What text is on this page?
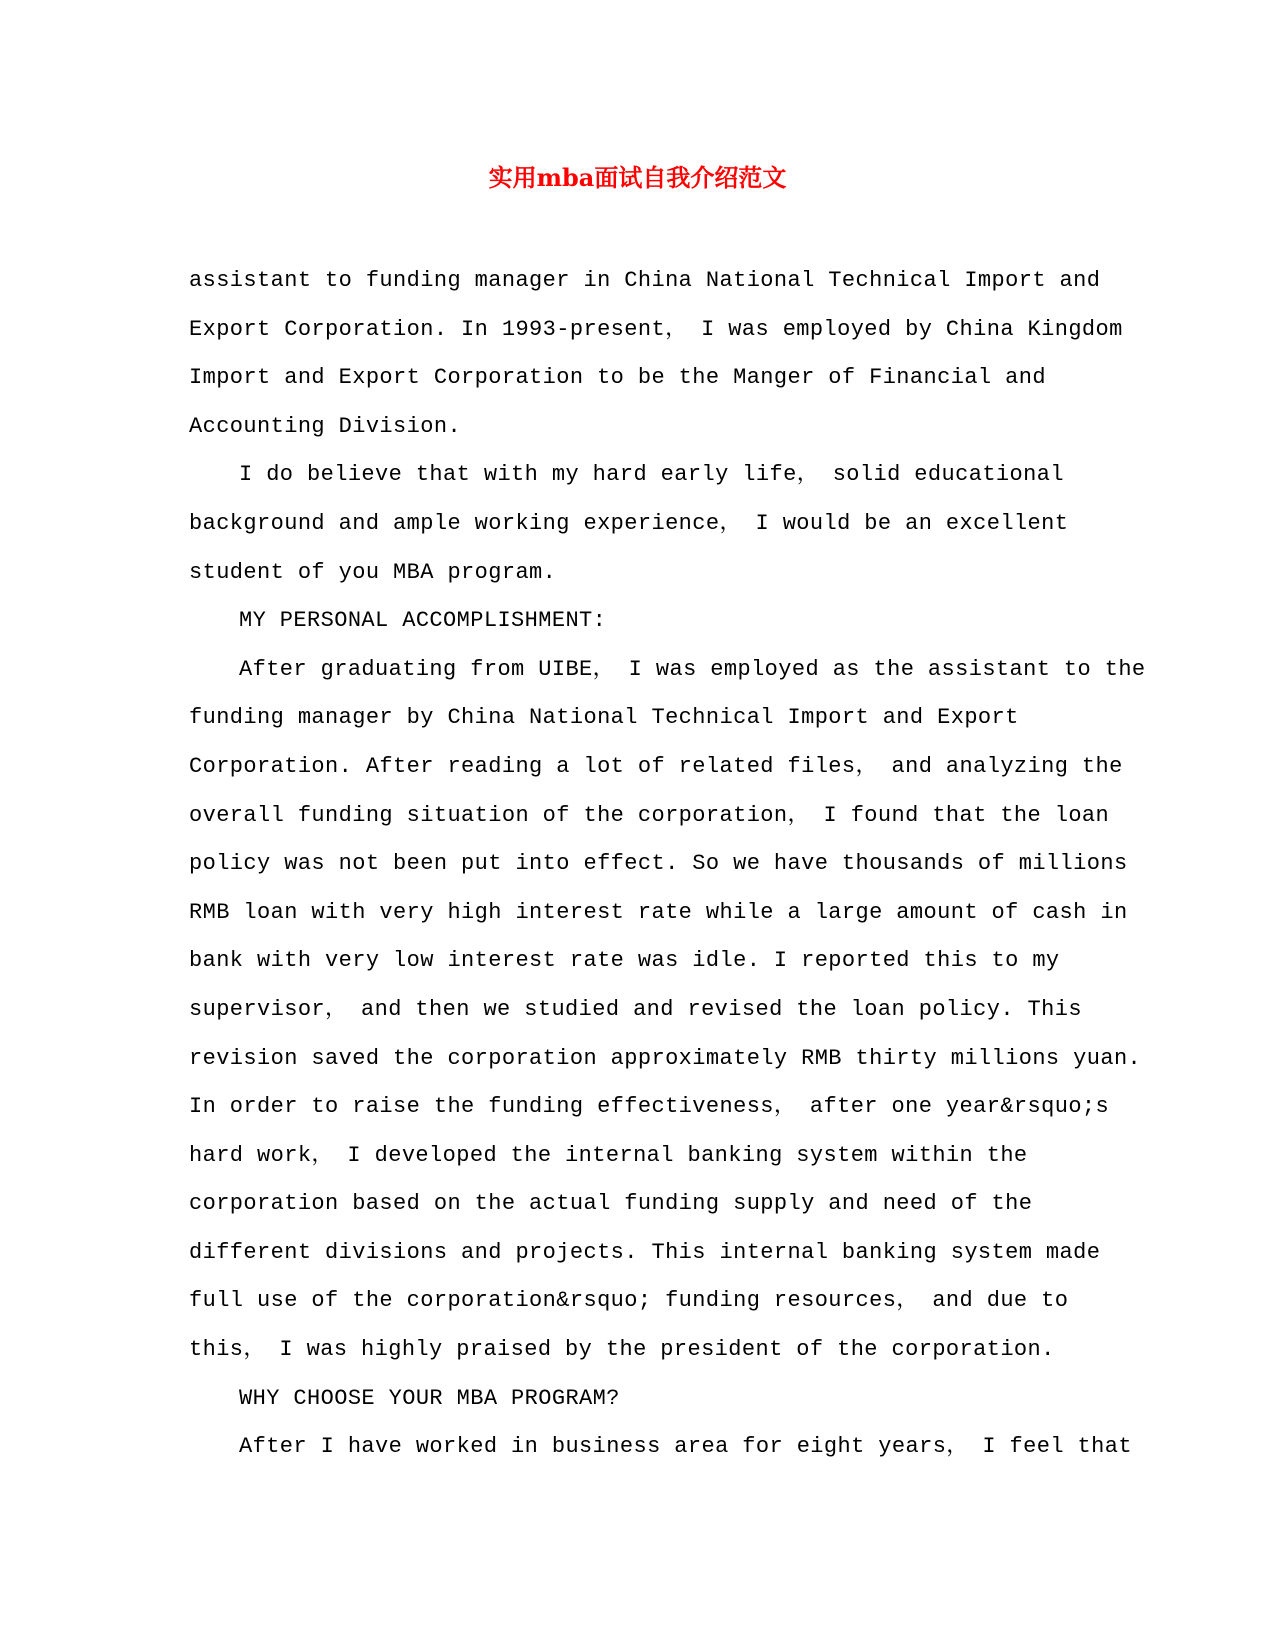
实用mba面试自我介绍范文
assistant to funding manager in China National Technical Import and
Export Corporation. In 1993-present， I was employed by China Kingdom
Import and Export Corporation to be the Manger of Financial and
Accounting Division.
I do believe that with my hard early life， solid educational
background and ample working experience， I would be an excellent
student of you MBA program.
MY PERSONAL ACCOMPLISHMENT:
After graduating from UIBE， I was employed as the assistant to the
funding manager by China National Technical Import and Export
Corporation. After reading a lot of related files， and analyzing the
overall funding situation of the corporation， I found that the loan
policy was not been put into effect. So we have thousands of millions
RMB loan with very high interest rate while a large amount of cash in
bank with very low interest rate was idle. I reported this to my
supervisor， and then we studied and revised the loan policy. This
revision saved the corporation approximately RMB thirty millions yuan.
In order to raise the funding effectiveness， after one year&rsquo;s
hard work， I developed the internal banking system within the
corporation based on the actual funding supply and need of the
different divisions and projects. This internal banking system made
full use of the corporation&rsquo; funding resources， and due to
this， I was highly praised by the president of the corporation.
WHY CHOOSE YOUR MBA PROGRAM?
After I have worked in business area for eight years， I feel that
